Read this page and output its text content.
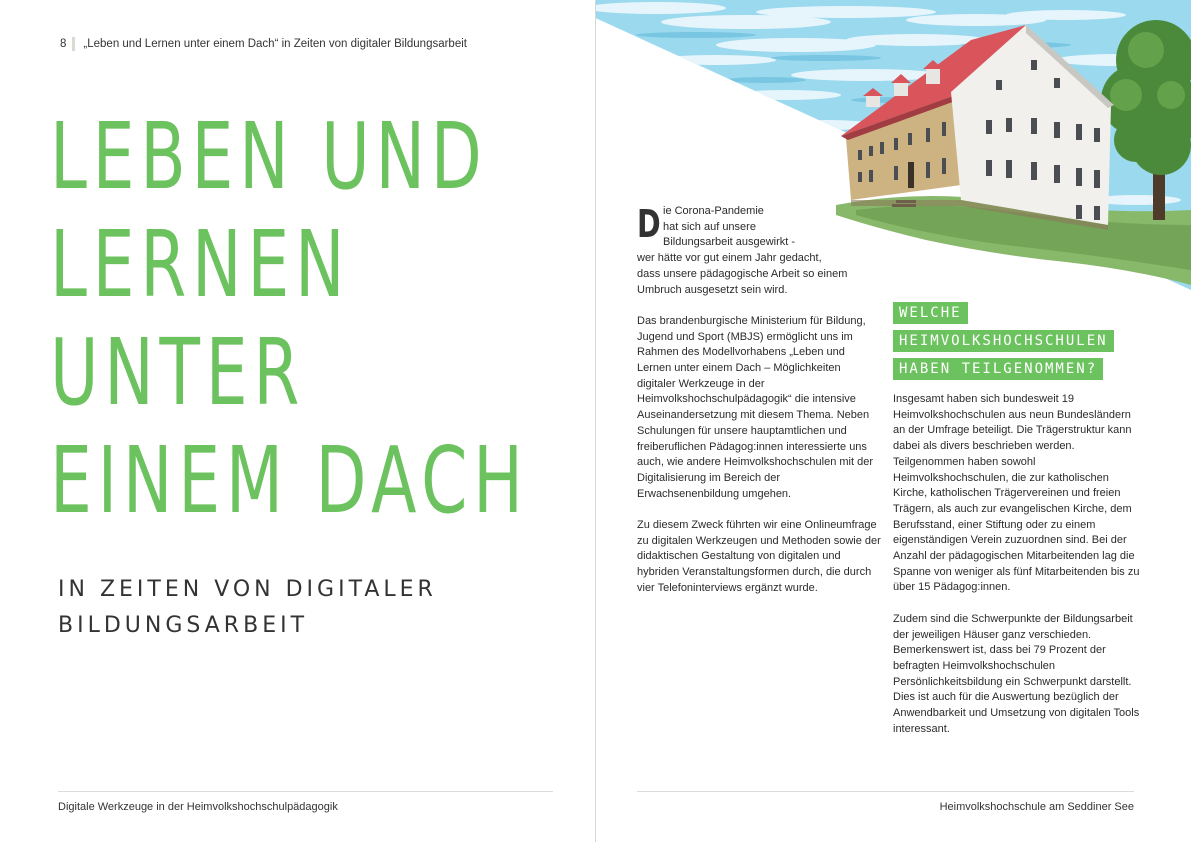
8 „Leben und Lernen unter einem Dach“ in Zeiten von digitaler Bildungsarbeit
LEBEN UND
LERNEN
UNTER
EINEM DACH
IN ZEITEN VON DIGITALER
BILDUNGSARBEIT
Digitale Werkzeuge in der Heimvolkshochschulpädagogik
D ie Corona-Pandemie
hat sich auf unsere
Bildungsarbeit ausgewirkt -
wer hätte vor gut einem Jahr gedacht,
dass unsere pädagogische Arbeit so einem
Umbruch ausgesetzt sein wird.

Das brandenburgische Ministerium für Bildung, Jugend und Sport (MBJS) ermöglicht uns im Rahmen des Modellvorhabens „Leben und Lernen unter einem Dach – Möglichkeiten digitaler Werkzeuge in der Heimvolkshochschulpädagogik“ die intensive Auseinandersetzung mit diesem Thema. Neben Schulungen für unsere hauptamtlichen und freiberuflichen Pädagog:innen interessierte uns auch, wie andere Heimvolkshochschulen mit der Digitalisierung im Bereich der Erwachsenenbildung umgehen.

Zu diesem Zweck führten wir eine Onlineumfrage zu digitalen Werkzeugen und Methoden sowie der didaktischen Gestaltung von digitalen und hybriden Veranstaltungsformen durch, die durch vier Telefoninterviews ergänzt wurde.

WELCHE
HEIMVOLKSHOCHSCHULEN
HABEN TEILGENOMMEN?

Insgesamt haben sich bundesweit 19 Heimvolkshochschulen aus neun Bundesländern an der Umfrage beteiligt. Die Trägerstruktur kann dabei als divers beschrieben werden. Teilgenommen haben sowohl Heimvolkshochschulen, die zur katholischen Kirche, katholischen Trägervereinen und freien Trägern, als auch zur evangelischen Kirche, dem Berufsstand, einer Stiftung oder zu einem eigenständigen Verein zuzuordnen sind. Bei der Anzahl der pädagogischen Mitarbeitenden lag die Spanne von weniger als fünf Mitarbeitenden bis zu über 15 Pädagog:innen.

Zudem sind die Schwerpunkte der Bildungsarbeit der jeweiligen Häuser ganz verschieden. Bemerkenswert ist, dass bei 79 Prozent der befragten Heimvolkshochschulen Persönlichkeitsbildung ein Schwerpunkt darstellt. Dies ist auch für die Auswertung bezüglich der Anwendbarkeit und Umsetzung von digitalen Tools interessant.

Heimvolkshochschule am Seddiner See
